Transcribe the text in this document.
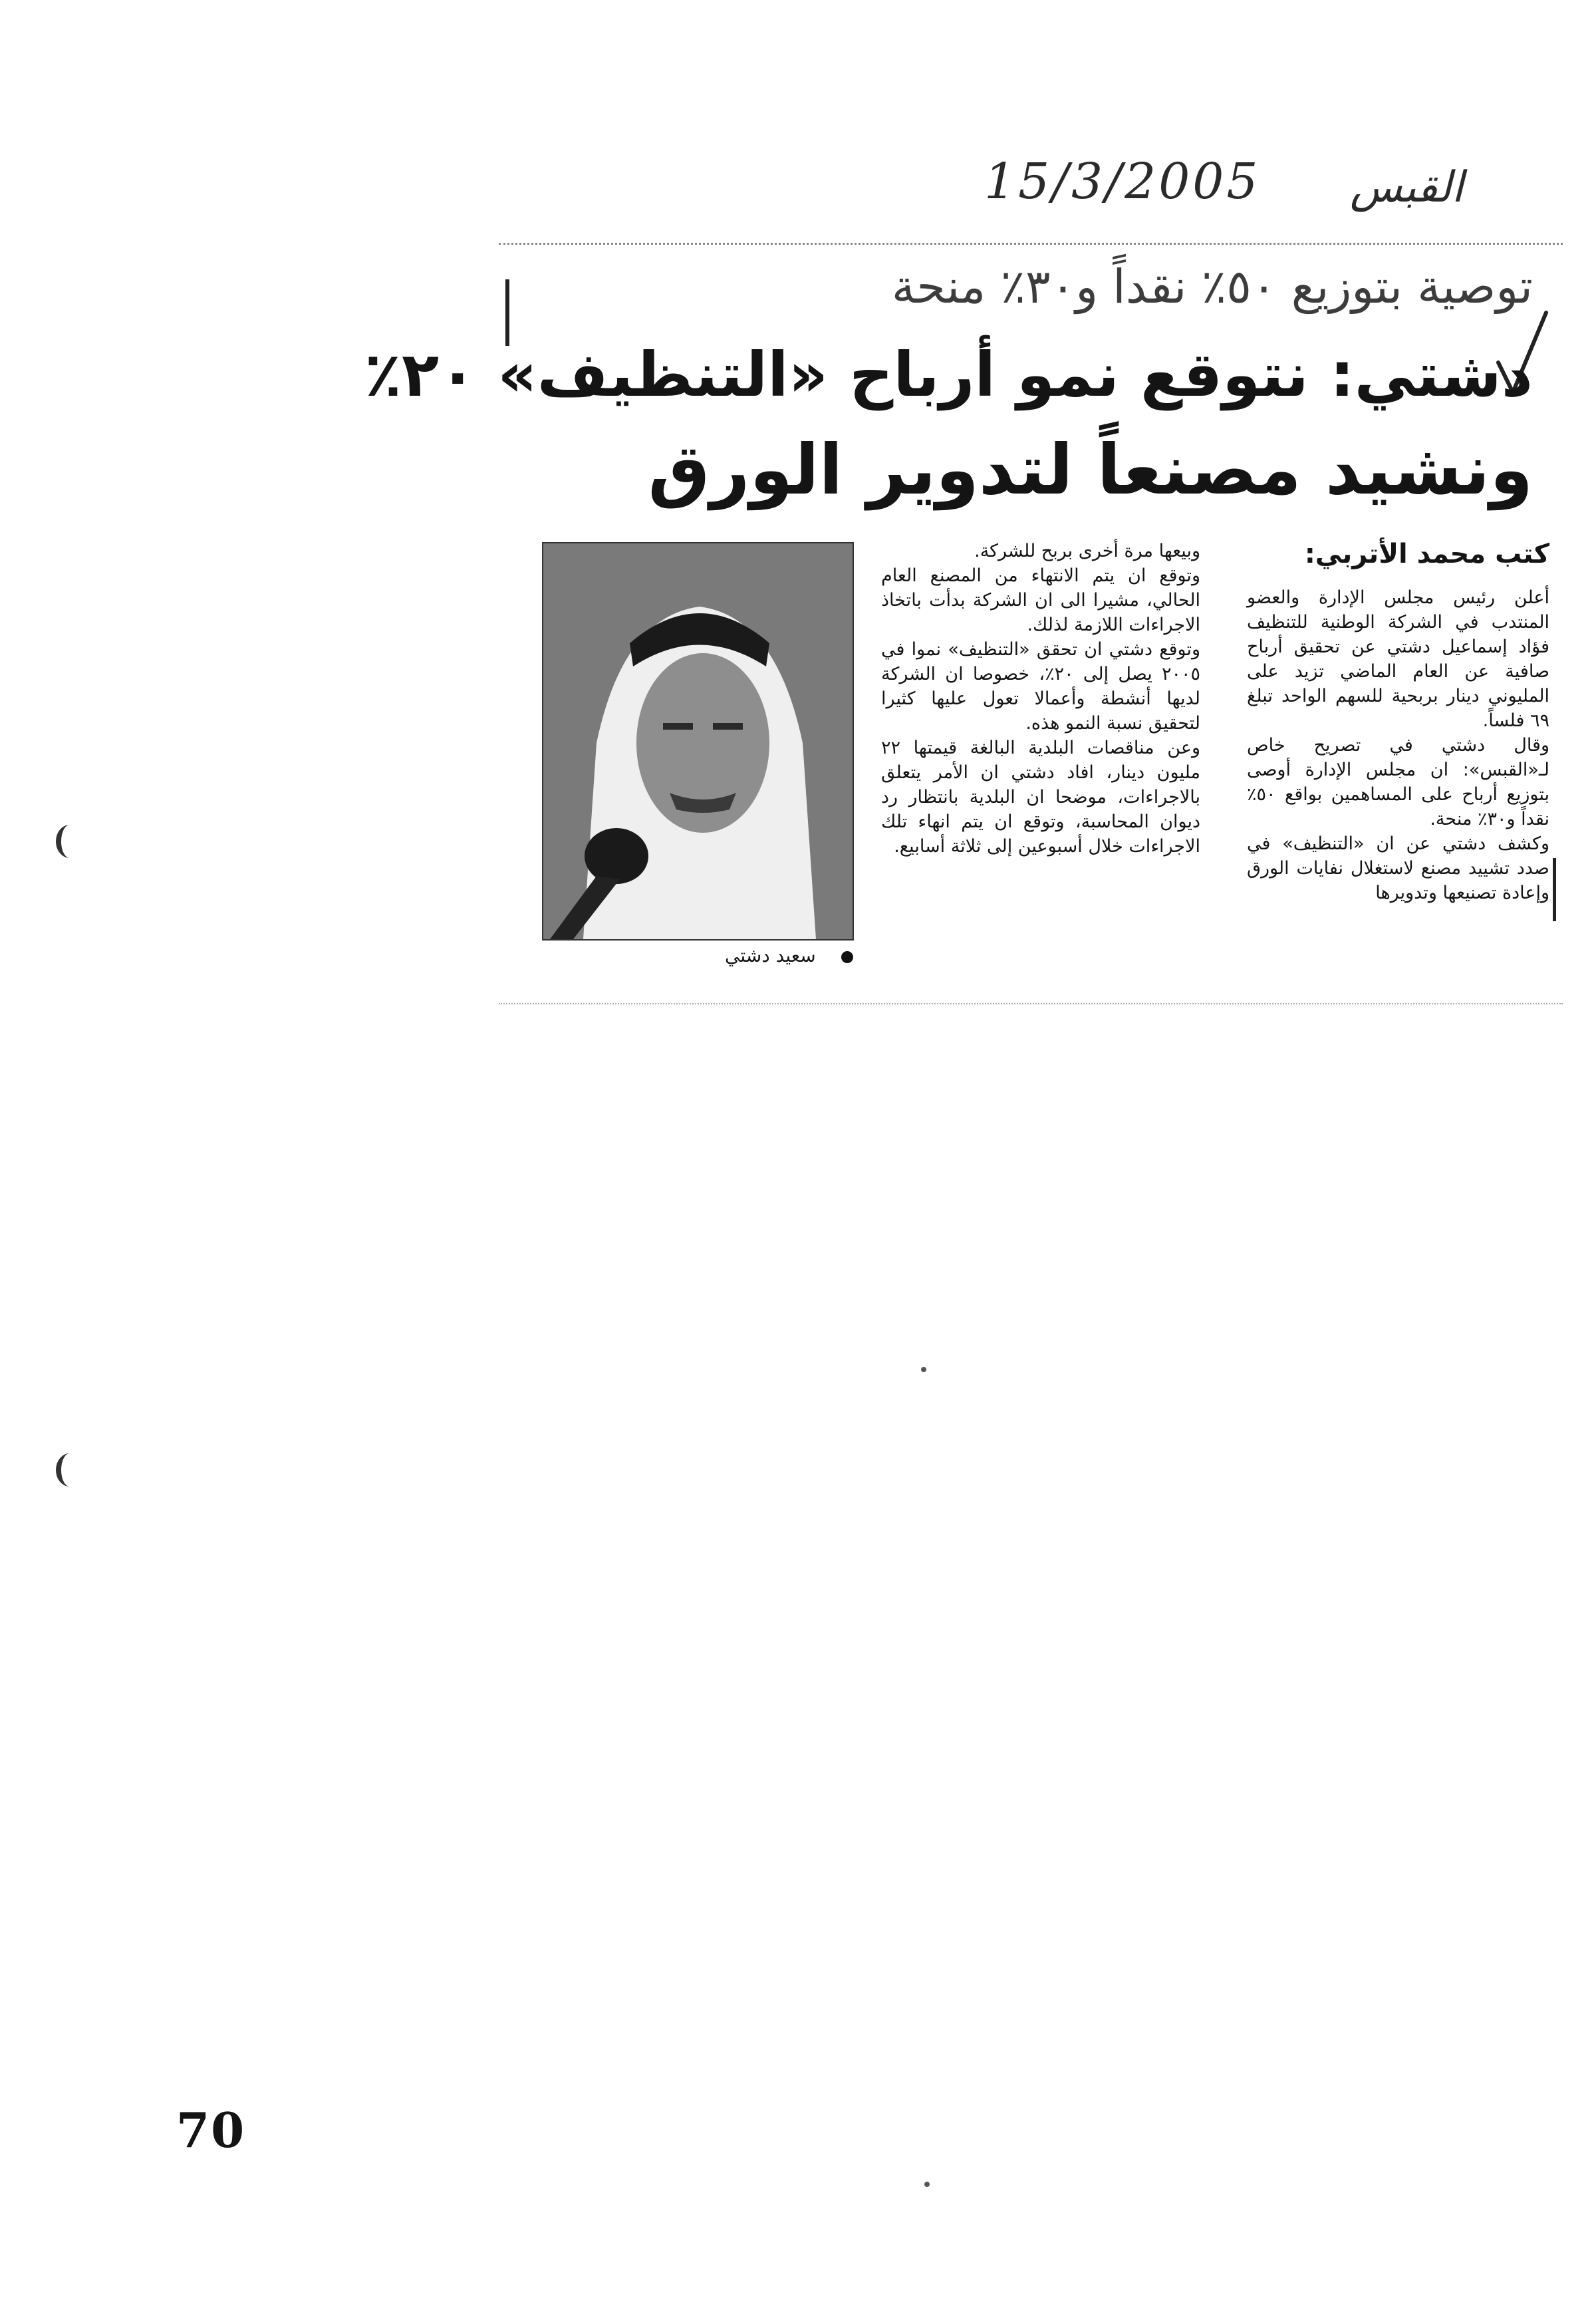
15/3/2005 القبس
توصية بتوزيع ٥٠٪ نقداً و٣٠٪ منحة
دشتي: نتوقع نمو أرباح «التنظيف» ٢٠٪
ونشيد مصنعاً لتدوير الورق
كتب محمد الأتربي:

أعلن رئيس مجلس الإدارة والعضو المنتدب في الشركة الوطنية للتنظيف فؤاد إسماعيل دشتي عن تحقيق أرباح صافية عن العام الماضي تزيد على المليوني دينار بربحية للسهم الواحد تبلغ ٦٩ فلساً.

وقال دشتي في تصريح خاص لـ«القبس»: ان مجلس الإدارة أوصى بتوزيع أرباح على المساهمين بواقع ٥٠٪ نقداً و٣٠٪ منحة.

وكشف دشتي عن ان «التنظيف» في صدد تشييد مصنع لاستغلال نفايات الورق وإعادة تصنيعها وتدويرها

وبيعها مرة أخرى بربح للشركة.

وتوقع ان يتم الانتهاء من المصنع العام الحالي، مشيرا الى ان الشركة بدأت باتخاذ الاجراءات اللازمة لذلك.

وتوقع دشتي ان تحقق «التنظيف» نموا في ٢٠٠٥ يصل إلى ٢٠٪، خصوصا ان الشركة لديها أنشطة وأعمالا تعول عليها كثيرا لتحقيق نسبة النمو هذه.

وعن مناقصات البلدية البالغة قيمتها ٢٢ مليون دينار، افاد دشتي ان الأمر يتعلق بالاجراءات، موضحا ان البلدية بانتظار رد ديوان المحاسبة، وتوقع ان يتم انهاء تلك الاجراءات خلال أسبوعين إلى ثلاثة أسابيع.

سعيد دشتي
70
